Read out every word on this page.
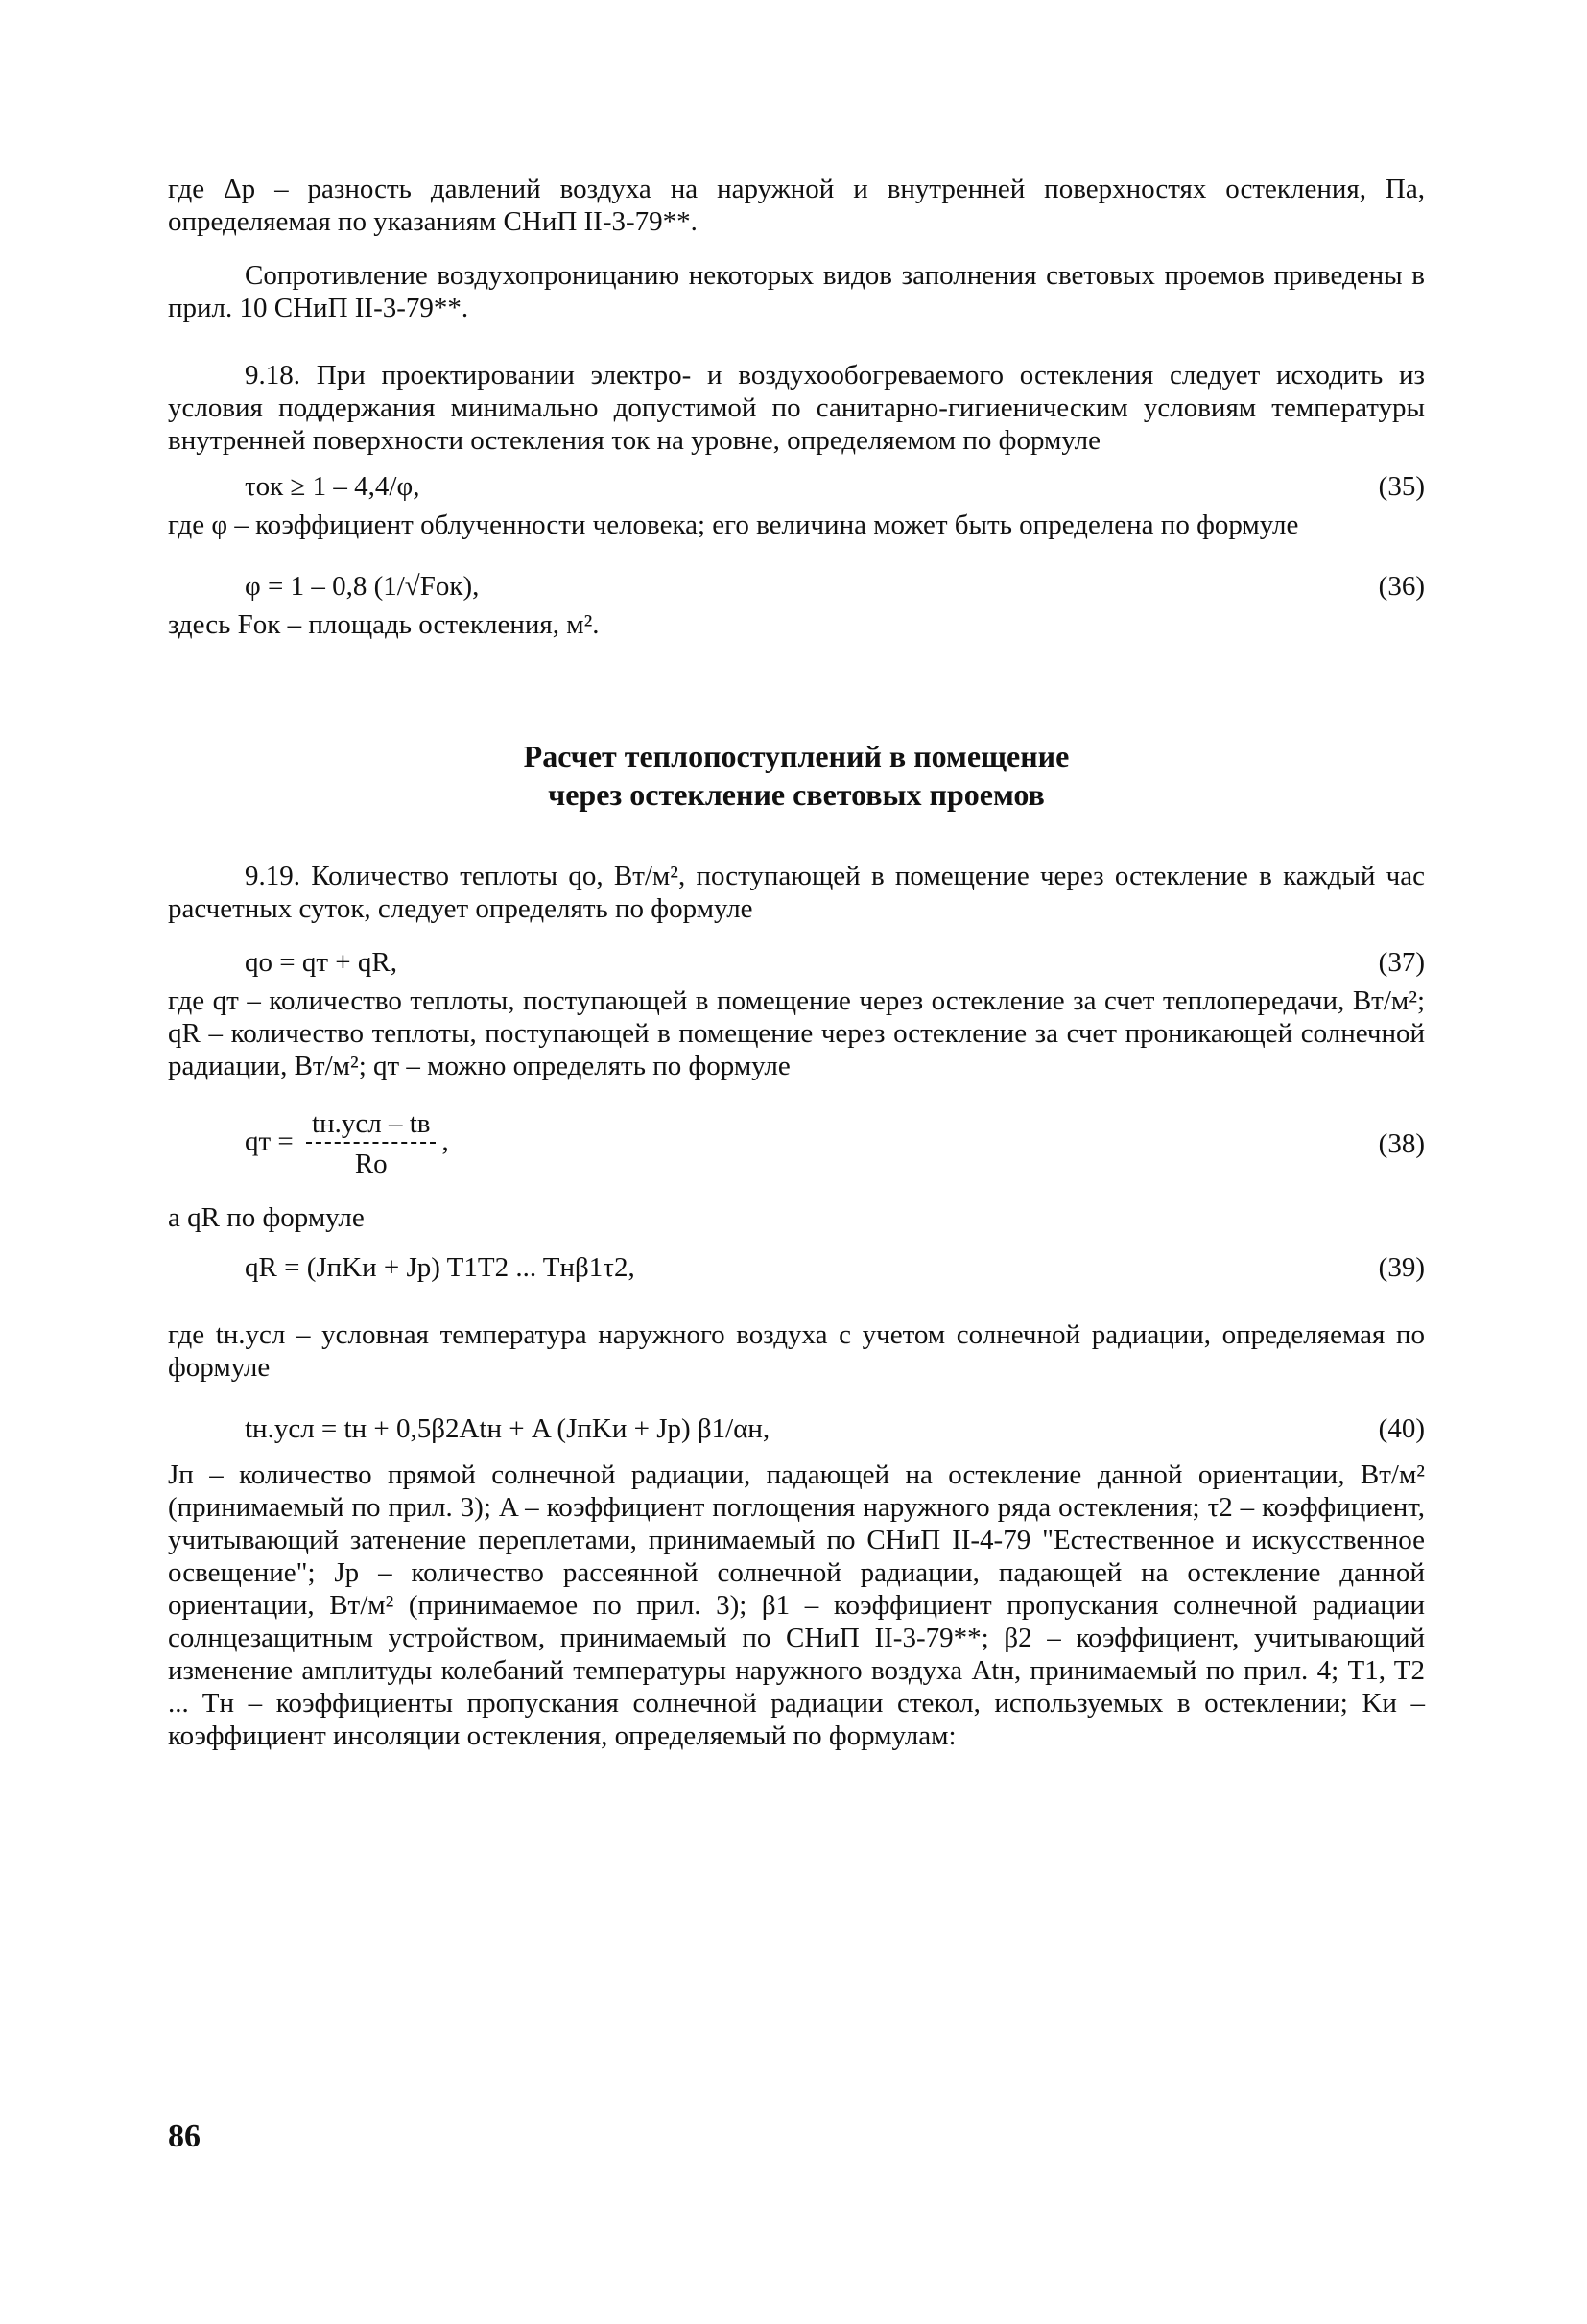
где Δp – разность давлений воздуха на наружной и внутренней поверхностях остекления, Па, определяемая по указаниям СНиП II-3-79**.

Сопротивление воздухопроницанию некоторых видов заполнения световых проемов приведены в прил. 10 СНиП II-3-79**.

9.18. При проектировании электро- и воздухообогреваемого остекления следует исходить из условия поддержания минимально допустимой по санитарно-гигиеническим условиям температуры внутренней поверхности остекления τок на уровне, определяемом по формуле

τок ≥ 1 – 4,4/φ,	(35)

где φ – коэффициент облученности человека; его величина может быть определена по формуле

φ = 1 – 0,8 (1/√Fок),	(36)

здесь Fок – площадь остекления, м².

Расчет теплопоступлений в помещение
через остекление световых проемов

9.19. Количество теплоты qо, Вт/м², поступающей в помещение через остекление в каждый час расчетных суток, следует определять по формуле

qо = qт + qR,	(37)

где qт – количество теплоты, поступающей в помещение через остекление за счет теплопередачи, Вт/м²; qR – количество теплоты, поступающей в помещение через остекление за счет проникающей солнечной радиации, Вт/м²; qт – можно определять по формуле

qт = $\frac{\text{tн.усл – tв}}{Rо}$ ,	(38)

а qR по формуле

qR = (JпKи + Jр) T1T2 ... Tнβ1τ2,	(39)

где tн.усл – условная температура наружного воздуха с учетом солнечной радиации, определяемая по формуле

tн.усл = tн + 0,5β2Atн + A (JпKи + Jр) β1/αн,	(40)

Jп – количество прямой солнечной радиации, падающей на остекление данной ориентации, Вт/м² (принимаемый по прил. 3); A – коэффициент поглощения наружного ряда остекления; τ2 – коэффициент, учитывающий затенение переплетами, принимаемый по СНиП II-4-79 "Естественное и искусственное освещение"; Jр – количество рассеянной солнечной радиации, падающей на остекление данной ориентации, Вт/м² (принимаемое по прил. 3); β1 – коэффициент пропускания солнечной радиации солнцезащитным устройством, принимаемый по СНиП II-3-79**; β2 – коэффициент, учитывающий изменение амплитуды колебаний температуры наружного воздуха Atн, принимаемый по прил. 4; T1, T2 ... Tн – коэффициенты пропускания солнечной радиации стекол, используемых в остеклении; Kи – коэффициент инсоляции остекления, определяемый по формулам:

86
